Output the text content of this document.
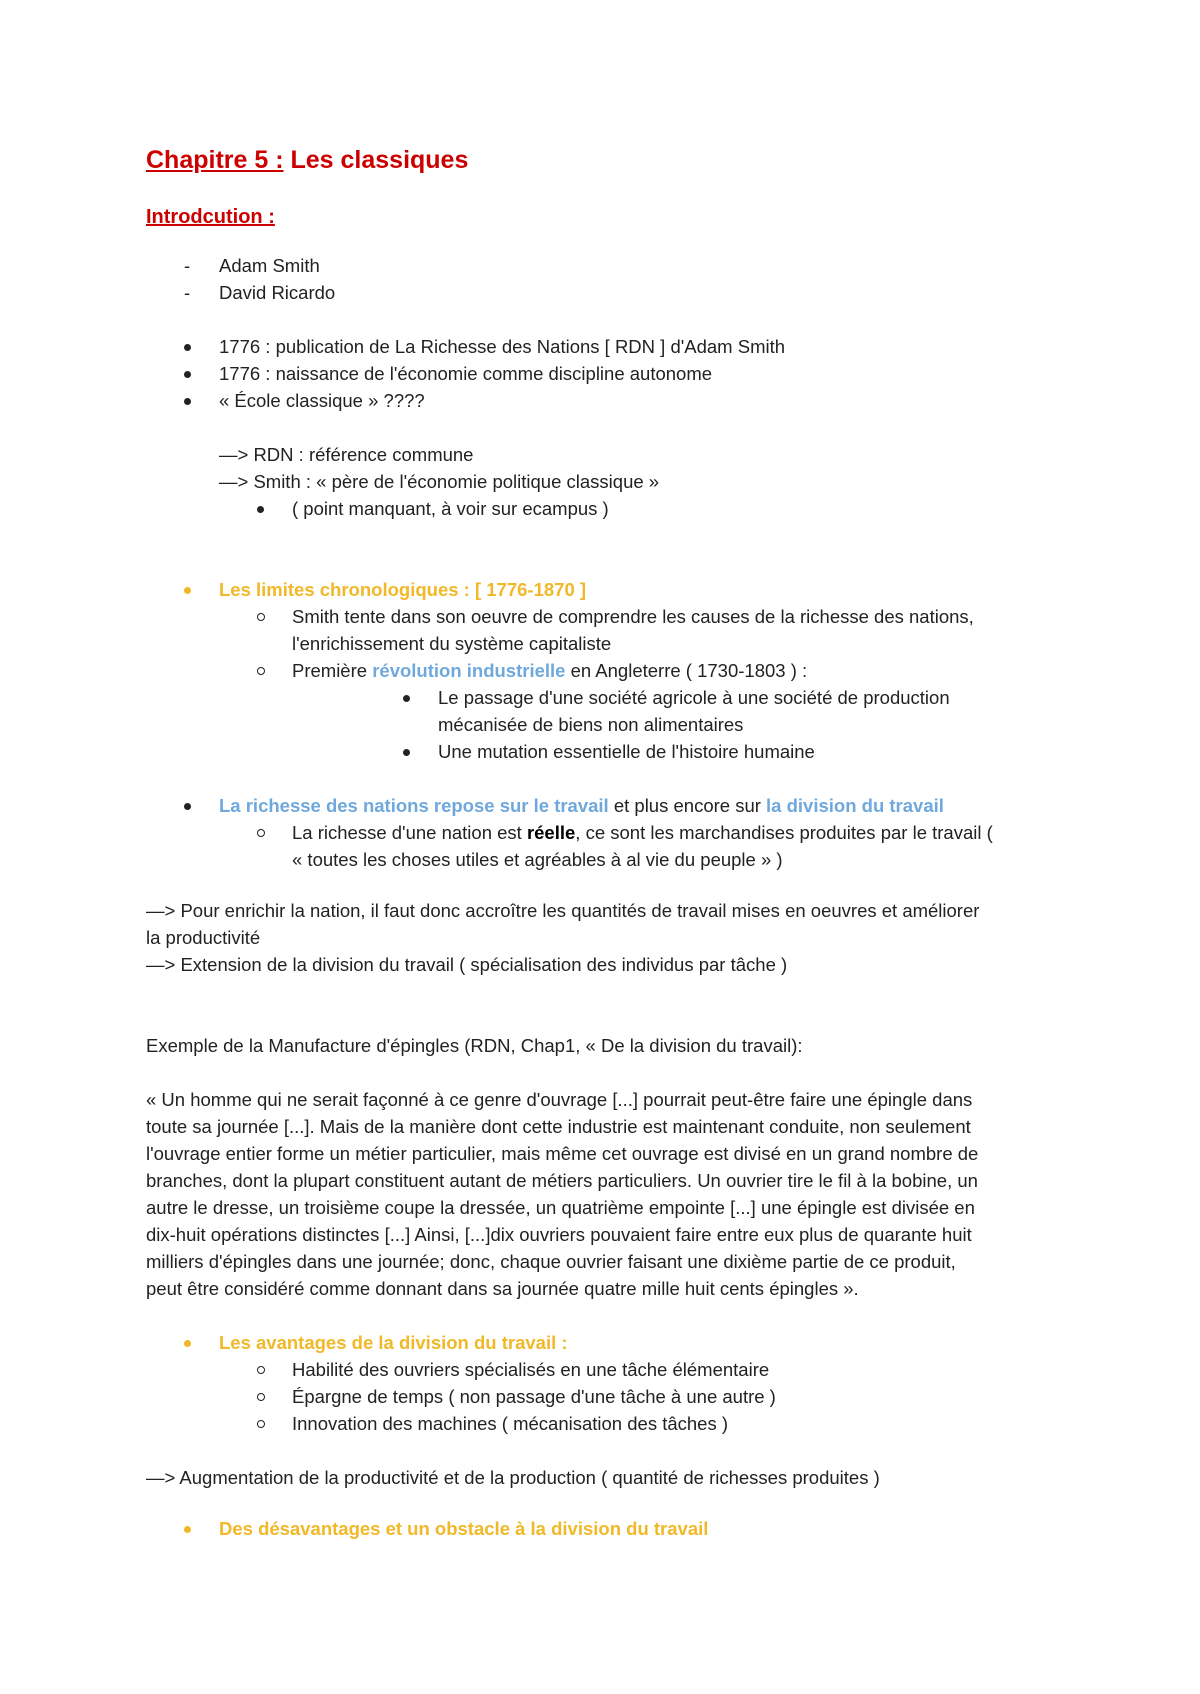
Chapitre 5 : Les classiques
Introdcution :
-	Adam Smith
-	David Ricardo
1776 : publication de La Richesse des Nations [ RDN ] d'Adam Smith
1776 : naissance de l'économie comme discipline autonome
« École classique » ????
—> RDN : référence commune
—> Smith : « père de l'économie politique classique »
( point manquant, à voir sur ecampus )
Les limites chronologiques : [ 1776-1870 ]
Smith tente dans son oeuvre de comprendre les causes de la richesse des nations,
l'enrichissement du système capitaliste
Première révolution industrielle en Angleterre ( 1730-1803 ) :
Le passage d'une société agricole à une société de production
mécanisée de biens non alimentaires
Une mutation essentielle de l'histoire humaine
La richesse des nations repose sur le travail et plus encore sur la division du travail
La richesse d'une nation est réelle, ce sont les marchandises produites par le travail (
« toutes les choses utiles et agréables à al vie du peuple » )
—> Pour enrichir la nation, il faut donc accroître les quantités de travail mises en oeuvres et améliorer
la productivité
—> Extension de la division du travail ( spécialisation des individus par tâche )
Exemple de la Manufacture d'épingles (RDN, Chap1, « De la division du travail):
« Un homme qui ne serait façonné à ce genre d'ouvrage [...] pourrait peut-être faire une épingle dans
toute sa journée [...]. Mais de la manière dont cette industrie est maintenant conduite, non seulement
l'ouvrage entier forme un métier particulier, mais même cet ouvrage est divisé en un grand nombre de
branches, dont la plupart constituent autant de métiers particuliers. Un ouvrier tire le fil à la bobine, un
autre le dresse, un troisième coupe la dressée, un quatrième empointe [...] une épingle est divisée en
dix-huit opérations distinctes [...] Ainsi, [...]dix ouvriers pouvaient faire entre eux plus de quarante huit
milliers d'épingles dans une journée; donc, chaque ouvrier faisant une dixième partie de ce produit,
peut être considéré comme donnant dans sa journée quatre mille huit cents épingles ».
Les avantages de la division du travail :
Habilité des ouvriers spécialisés en une tâche élémentaire
Épargne de temps ( non passage d'une tâche à une autre )
Innovation des machines ( mécanisation des tâches )
—> Augmentation de la productivité et de la production ( quantité de richesses produites )
Des désavantages et un obstacle à la division du travail
